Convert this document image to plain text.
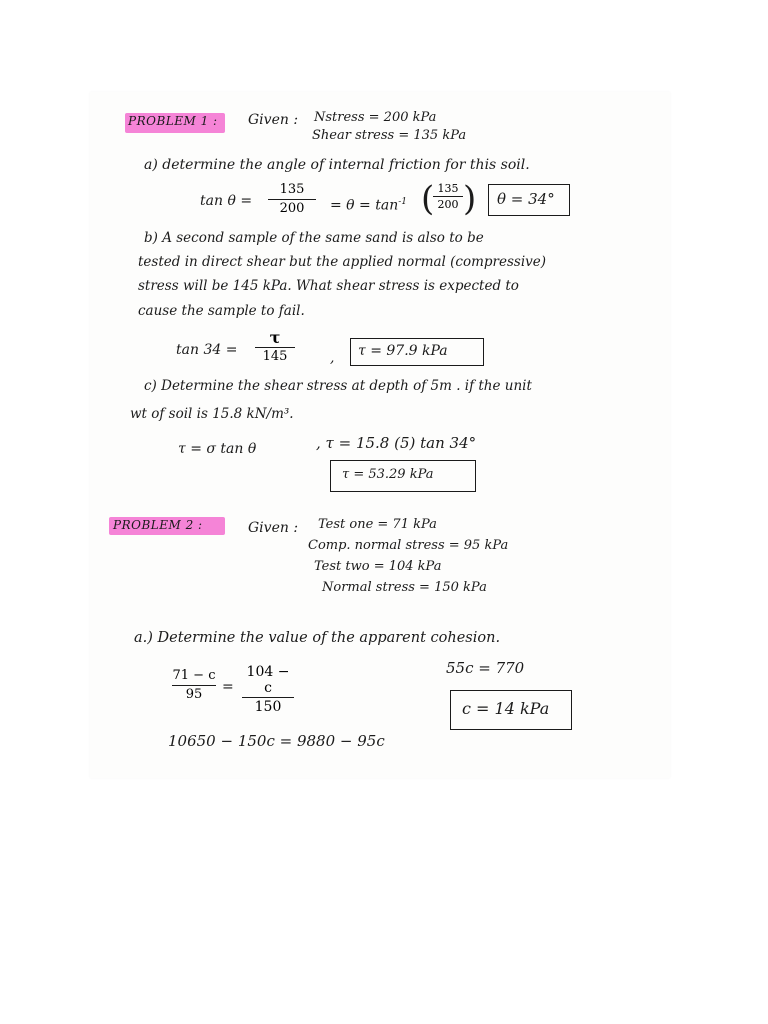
PROBLEM 1 : Given : Nstress = 200 kPa
Shear stress = 135 kPa
a) determine the angle of internal friction for this soil.
tan θ =
135
200	= $\theta = \tan^{-1}$ ( 135
200 ) θ = 34°
b) A second sample of the same sand is also to be
tested in direct shear but the applied normal (compressive)
stress will be 145 kPa. What shear stress is expected to
cause the sample to fail.
tan 34 =
τ
145	, τ = 97.9 kPa
c) Determine the shear stress at depth of 5m . if the unit
wt of soil is 15.8 kN/m³.
τ = σ tan θ	, τ = 15.8 (5) tan 34°
τ = 53.29 kPa
PROBLEM 2 :	Given : Test one = 71 kPa
Comp. normal stress = 95 kPa
Test two = 104 kPa
Normal stress = 150 kPa
a.) Determine the value of the apparent cohesion.
71 − c
95	=
104 − c
150
55c = 770
c = 14 kPa
10650 − 150c = 9880 − 95c
